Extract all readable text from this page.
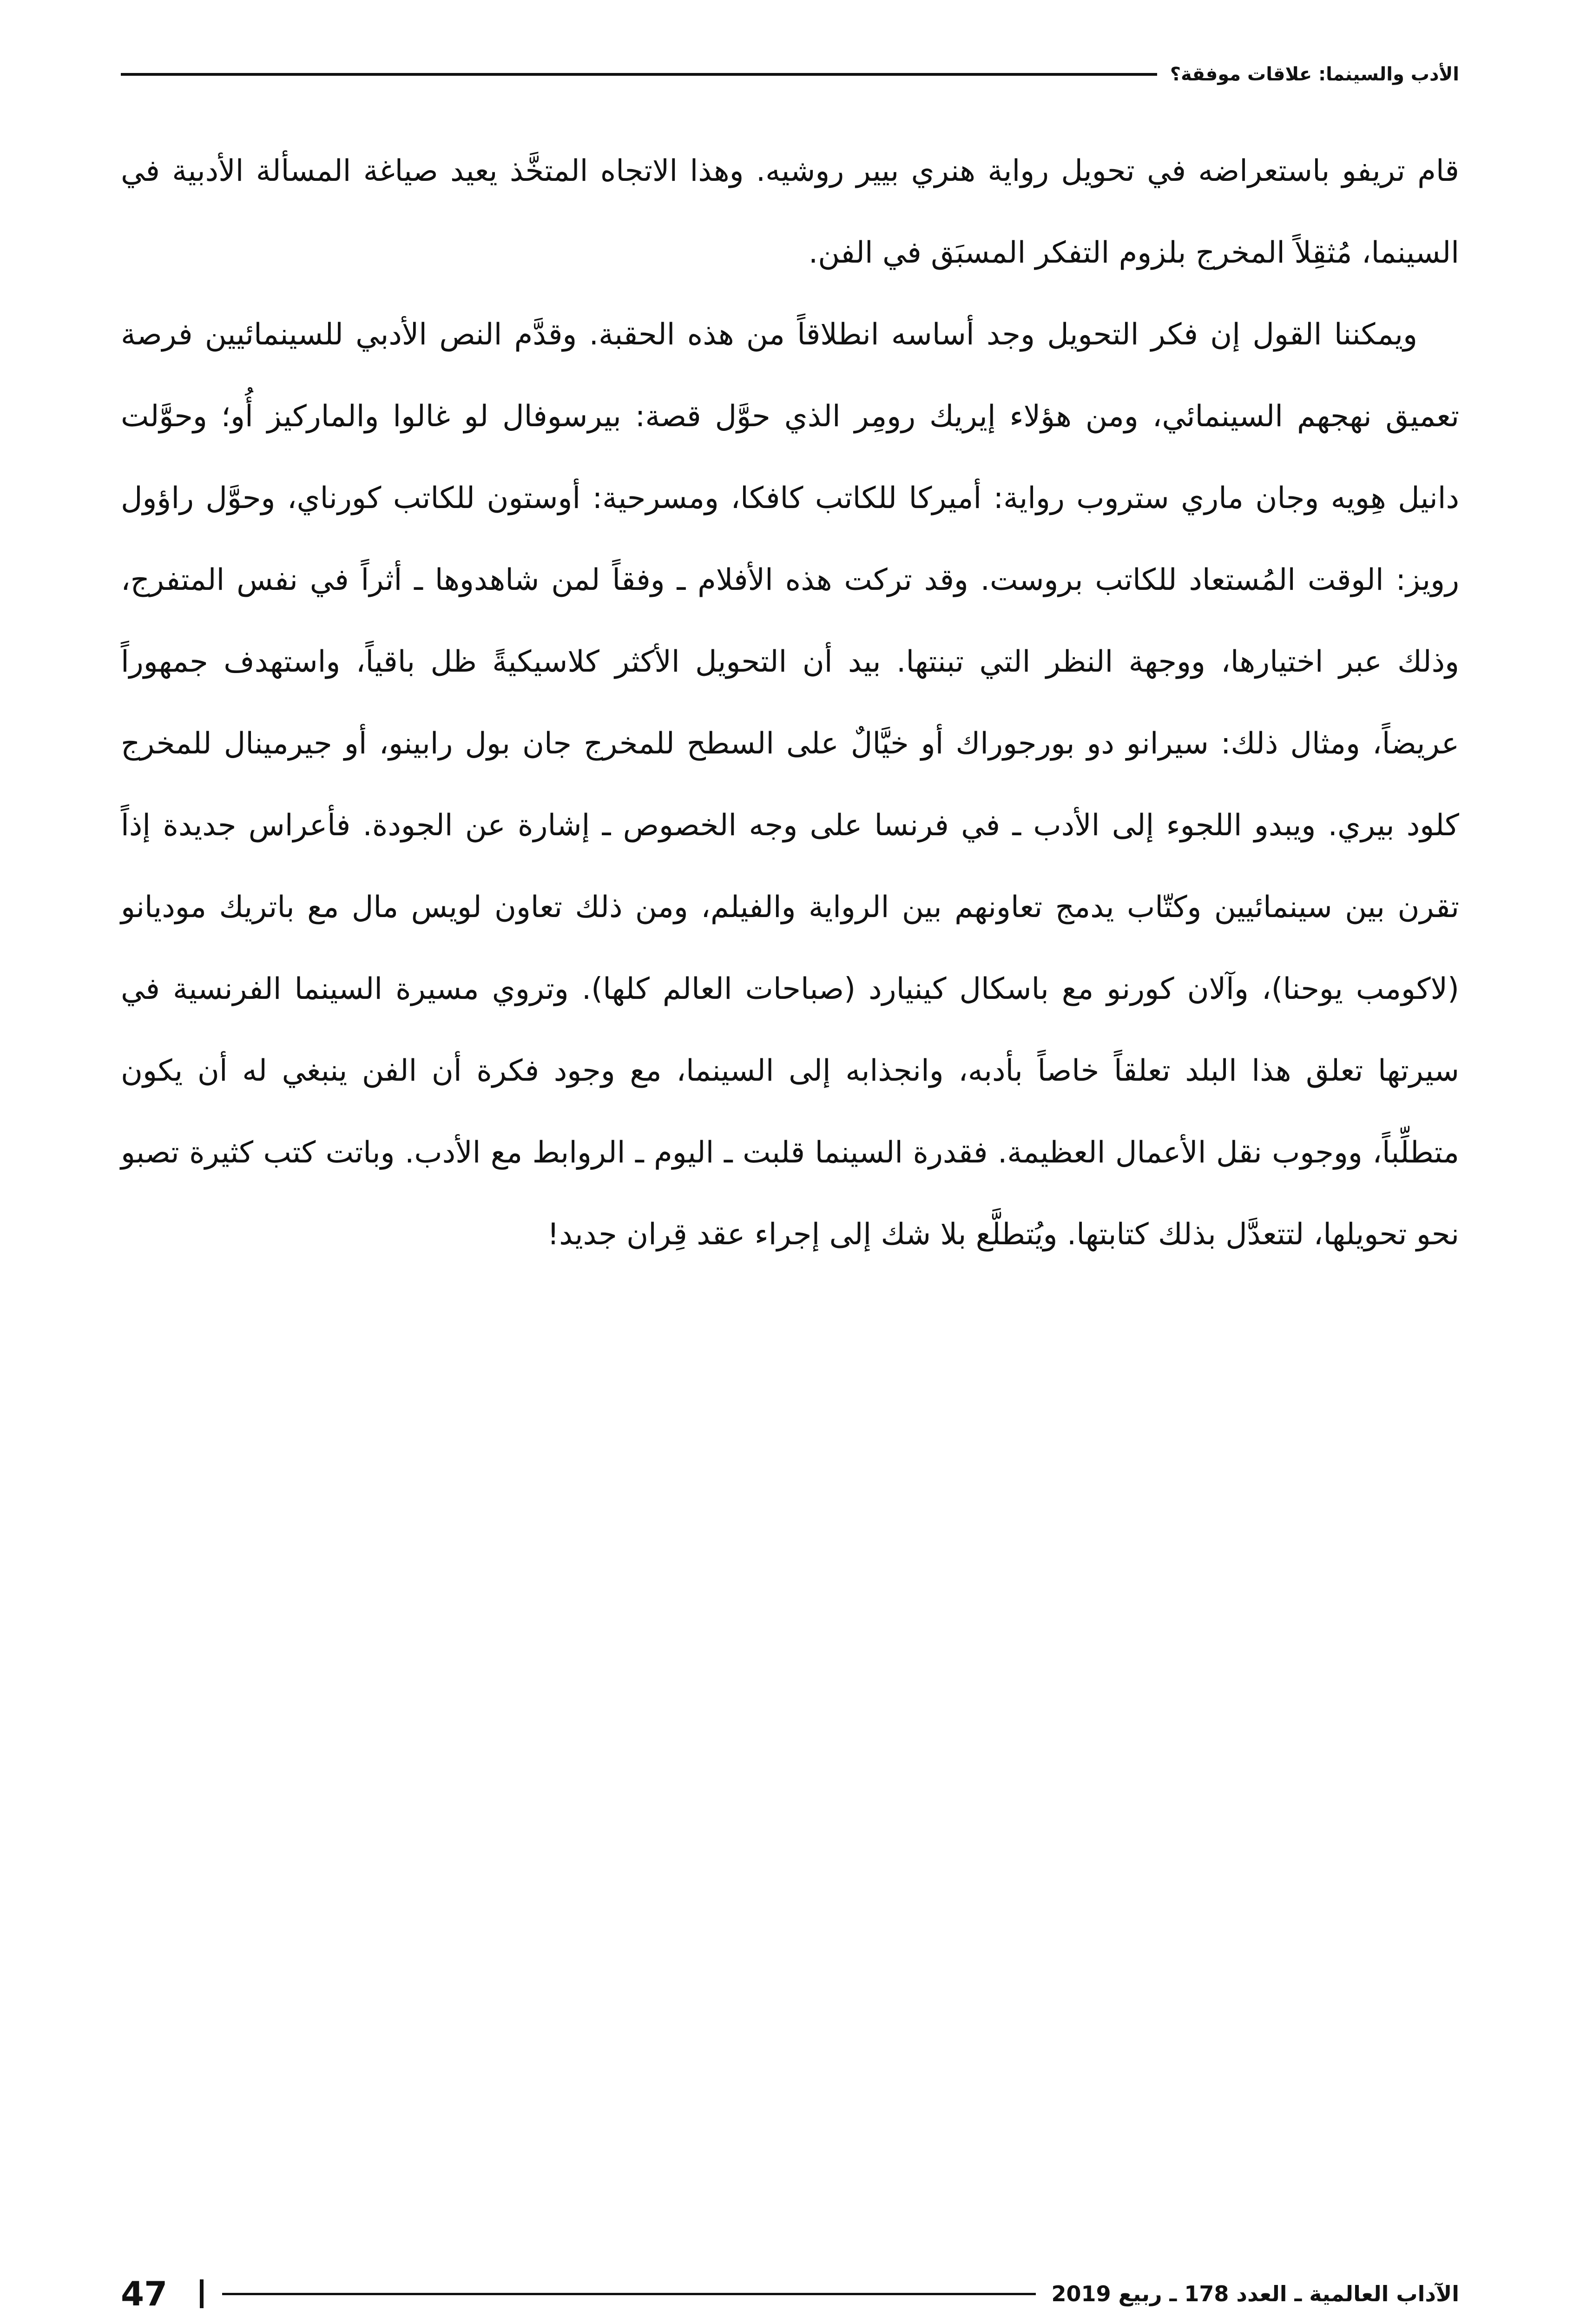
الأدب والسينما: علاقات موفقة؟

قام تريفو باستعراضه في تحويل رواية هنري بيير روشيه. وهذا الاتجاه المتخَّذ يعيد صياغة المسألة الأدبية في السينما، مُثقِلاً المخرج بلزوم التفكر المسبَق في الفن.

ويمكننا القول إن فكر التحويل وجد أساسه انطلاقاً من هذه الحقبة. وقدَّم النص الأدبي للسينمائيين فرصة تعميق نهجهم السينمائي، ومن هؤلاء إيريك رومِر الذي حوَّل قصة: بيرسوفال لو غالوا والماركيز أُو؛ وحوَّلت دانيل هِويه وجان ماري ستروب رواية: أميركا للكاتب كافكا، ومسرحية: أوستون للكاتب كورناي، وحوَّل راؤول رويز: الوقت المُستعاد للكاتب بروست. وقد تركت هذه الأفلام ـ وفقاً لمن شاهدوها ـ أثراً في نفس المتفرج، وذلك عبر اختيارها، ووجهة النظر التي تبنتها. بيد أن التحويل الأكثر كلاسيكيةً ظل باقياً، واستهدف جمهوراً عريضاً، ومثال ذلك: سيرانو دو بورجوراك أو خيَّالٌ على السطح للمخرج جان بول رابينو، أو جيرمينال للمخرج كلود بيري. ويبدو اللجوء إلى الأدب ـ في فرنسا على وجه الخصوص ـ إشارة عن الجودة. فأعراس جديدة إذاً تقرن بين سينمائيين وكتّاب يدمج تعاونهم بين الرواية والفيلم، ومن ذلك تعاون لويس مال مع باتريك موديانو (لاكومب يوحنا)، وآلان كورنو مع باسكال كينيارد (صباحات العالم كلها). وتروي مسيرة السينما الفرنسية في سيرتها تعلق هذا البلد تعلقاً خاصاً بأدبه، وانجذابه إلى السينما، مع وجود فكرة أن الفن ينبغي له أن يكون متطلِّباً، ووجوب نقل الأعمال العظيمة. فقدرة السينما قلبت ـ اليوم ـ الروابط مع الأدب. وباتت كتب كثيرة تصبو نحو تحويلها، لتتعدَّل بذلك كتابتها. ويُتطلَّع بلا شك إلى إجراء عقد قِران جديد!

الآداب العالمية ـ العدد 178 ـ ربيع 2019
47
